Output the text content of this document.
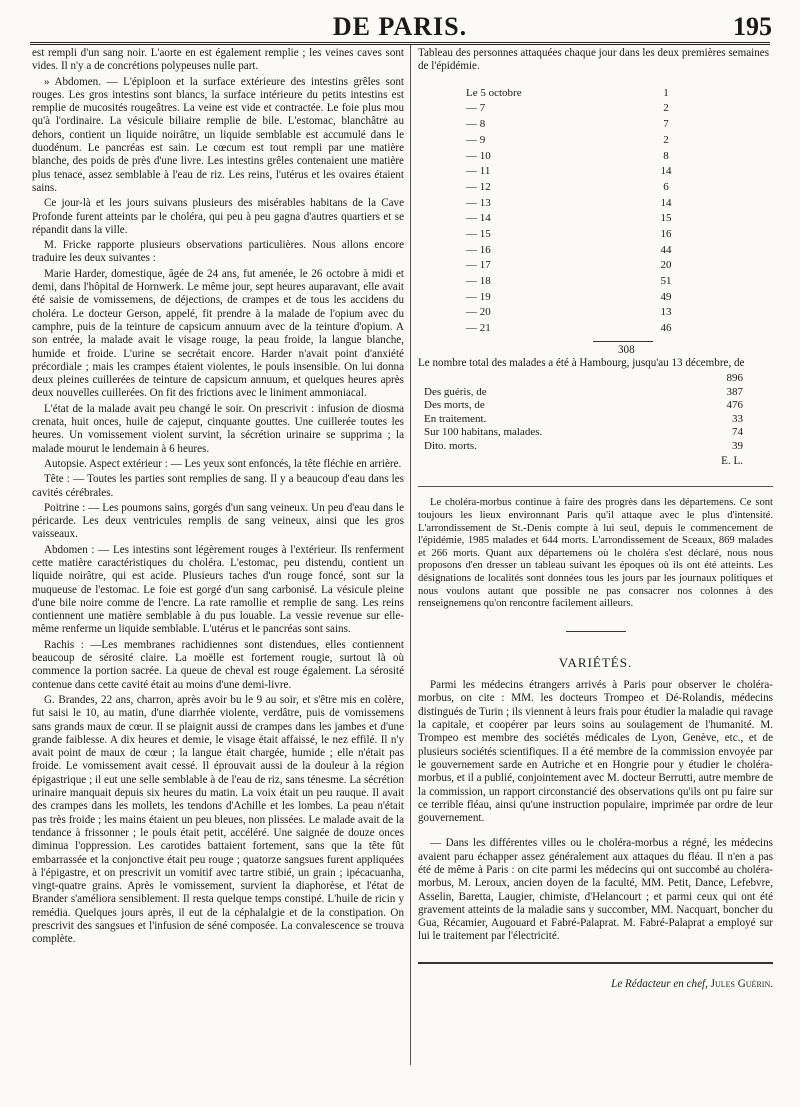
DE PARIS.	195

est rempli d'un sang noir. L'aorte en est également remplie ; les veines caves sont vides. Il n'y a de concrétions polypeuses nulle part.

» Abdomen. — L'épiploon et la surface extérieure des intestins grêles sont rouges. Les gros intestins sont blancs, la surface intérieure du petits intestins est remplie de mucosités rougeâtres. La veine est vide et contractée. Le foie plus mou qu'à l'ordinaire. La vésicule biliaire remplie de bile. L'estomac, blanchâtre au dehors, contient un liquide noirâtre, un liquide semblable est accumulé dans le duodénum. Le pancréas est sain. Le cœcum est tout rempli par une matière blanche, des poids de près d'une livre. Les intestins grêles contenaient une matière plus tenace, assez semblable à l'eau de riz. Les reins, l'utérus et les ovaires étaient sains.

Ce jour-là et les jours suivans plusieurs des misérables habitans de la Cave Profonde furent atteints par le choléra, qui peu à peu gagna d'autres quartiers et se répandit dans la ville.

M. Fricke rapporte plusieurs observations particulières. Nous allons encore traduire les deux suivantes :

Marie Harder, domestique, âgée de 24 ans, fut amenée, le 26 octobre à midi et demi, dans l'hôpital de Hornwerk. Le même jour, sept heures auparavant, elle avait été saisie de vomissemens, de déjections, de crampes et de tous les accidens du choléra. Le docteur Gerson, appelé, fit prendre à la malade de l'opium avec du camphre, puis de la teinture de capsicum annuum avec de la teinture d'opium. A son entrée, la malade avait le visage rouge, la peau froide, la langue blanche, humide et froide. L'urine se secrétait encore. Harder n'avait point d'anxiété précordiale ; mais les crampes étaient violentes, le pouls insensible. On lui donna deux pleines cuillerées de teinture de capsicum annuum, et quelques heures après deux nouvelles cuillerées. On fit des frictions avec le liniment ammoniacal.

L'état de la malade avait peu changé le soir. On prescrivit : infusion de diosma crenata, huit onces, huile de cajeput, cinquante gouttes. Une cuillerée toutes les heures. Un vomissement violent survint, la sécrétion urinaire se supprima ; la malade mourut le lendemain à 6 heures.

Autopsie. Aspect extérieur : — Les yeux sont enfoncés, la tête fléchie en arrière.

Tête : — Toutes les parties sont remplies de sang. Il y a beaucoup d'eau dans les cavités cérébrales.

Poitrine : — Les poumons sains, gorgés d'un sang veineux. Un peu d'eau dans le péricarde. Les deux ventricules remplis de sang veineux, ainsi que les gros vaisseaux.

Abdomen : — Les intestins sont légèrement rouges à l'extérieur. Ils renferment cette matière caractéristiques du choléra. L'estomac, peu distendu, contient un liquide noirâtre, qui est acide. Plusieurs taches d'un rouge foncé, sont sur la muqueuse de l'estomac. Le foie est gorgé d'un sang carbonisé. La vésicule pleine d'une bile noire comme de l'encre. La rate ramollie et remplie de sang. Les reins contiennent une matière semblable à du pus louable. La vessie revenue sur elle-même renferme un liquide semblable. L'utérus et le pancréas sont sains.

Rachis : —Les membranes rachidiennes sont distendues, elles contiennent beaucoup de sérosité claire. La moëlle est fortement rougie, surtout là où commence la portion sacrée. La queue de cheval est rouge également. La sérosité contenue dans cette cavité était au moins d'une demi-livre.

G. Brandes, 22 ans, charron, après avoir bu le 9 au soir, et s'être mis en colère, fut saisi le 10, au matin, d'une diarrhée violente, verdâtre, puis de vomissemens sans grands maux de cœur. Il se plaignit aussi de crampes dans les jambes et d'une grande faiblesse. A dix heures et demie, le visage était affaissé, le nez effilé. Il n'y avait point de maux de cœur ; la langue était chargée, humide ; elle n'était pas froide. Le vomissement avait cessé. Il éprouvait aussi de la douleur à la région épigastrique ; il eut une selle semblable à de l'eau de riz, sans ténesme. La sécrétion urinaire manquait depuis six heures du matin. La voix était un peu rauque. Il avait des crampes dans les mollets, les tendons d'Achille et les lombes. La peau n'était pas très froide ; les mains étaient un peu bleues, non plissées. Le malade avait de la tendance à frissonner ; le pouls était petit, accéléré. Une saignée de douze onces diminua l'oppression. Les carotides battaient fortement, sans que la tête fût embarrassée et la conjonctive était peu rouge ; quatorze sangsues furent appliquées à l'épigastre, et on prescrivit un vomitif avec tartre stibié, un grain ; ipécacuanha, vingt-quatre grains. Après le vomissement, survient la diaphorèse, et l'état de Brander s'améliora sensiblement. Il resta quelque temps constipé. L'huile de ricin y remédia. Quelques jours après, il eut de la céphalalgie et de la constipation. On prescrivit des sangsues et l'infusion de séné composée. La convalescence se trouva complète.

Tableau des personnes attaquées chaque jour dans les deux premières semaines de l'épidémie.

Le 5 octobre	1	
— 7	2	
— 8	7	
— 9	2	
— 10	8	
— 11	14	
— 12	6	
— 13	14	
— 14	15	
— 15	16	
— 16	44	
— 17	20	
— 18	51	
— 19	49	
— 20	13	
— 21	46	
308

Le nombre total des malades a été à Hambourg, jusqu'au 13 décembre, de

	896
Des guéris, de	387
Des morts, de	476
En traitement.	33
Sur 100 habitans, malades.	74
Dito. morts.	39
E. L.

Le choléra-morbus continue à faire des progrès dans les départemens. Ce sont toujours les lieux environnant Paris qu'il attaque avec le plus d'intensité. L'arrondissement de St.-Denis compte à lui seul, depuis le commencement de l'épidémie, 1985 malades et 644 morts. L'arrondissement de Sceaux, 869 malades et 266 morts. Quant aux départemens où le choléra s'est déclaré, nous nous proposons d'en dresser un tableau suivant les époques où ils ont été atteints. Les désignations de localités sont données tous les jours par les journaux politiques et nous voulons autant que possible ne pas consacrer nos colonnes à des renseignemens qu'on rencontre facilement ailleurs.

VARIÉTÉS.

Parmi les médecins étrangers arrivés à Paris pour observer le choléra-morbus, on cite : MM. les docteurs Trompeo et Dé-Rolandis, médecins distingués de Turin ; ils viennent à leurs frais pour étudier la maladie qui ravage la capitale, et coopérer par leurs soins au soulagement de l'humanité. M. Trompeo est membre des sociétés médicales de Lyon, Genève, etc., et de plusieurs sociétés scientifiques. Il a été membre de la commission envoyée par le gouvernement sarde en Autriche et en Hongrie pour y étudier le choléra-morbus, et il a publié, conjointement avec M. docteur Berrutti, autre membre de la commission, un rapport circonstancié des observations qu'ils ont pu faire sur ce terrible fléau, ainsi qu'une instruction populaire, imprimée par ordre de leur gouvernement.

— Dans les différentes villes ou le choléra-morbus a régné, les médecins avaient paru échapper assez généralement aux attaques du fléau. Il n'en a pas été de même à Paris : on cite parmi les médecins qui ont succombé au choléra-morbus, M. Leroux, ancien doyen de la faculté, MM. Petit, Dance, Lefebvre, Asselin, Baretta, Laugier, chimiste, d'Helancourt ; et parmi ceux qui ont été gravement atteints de la maladie sans y succomber, MM. Nacquart, boncher du Gua, Récamier, Augouard et Fabré-Palaprat. M. Fabré-Palaprat a employé sur lui le traitement par l'électricité.

Le Rédacteur en chef, Jules Guérin.
